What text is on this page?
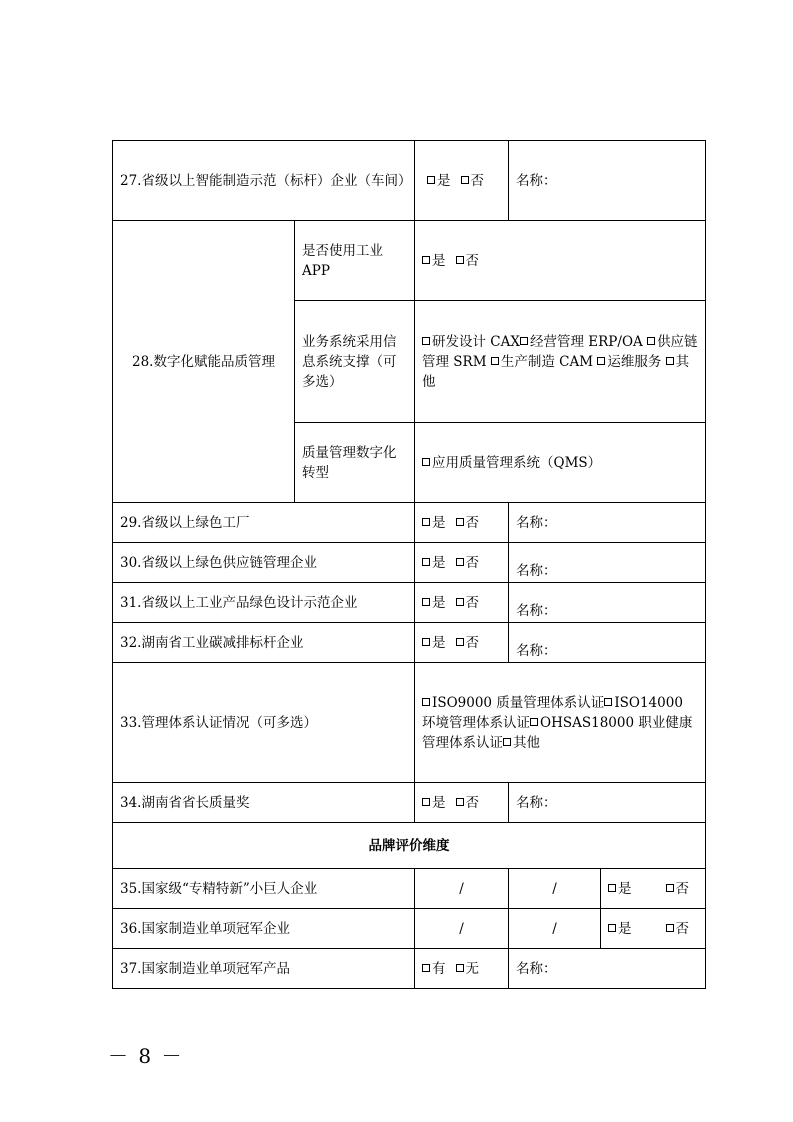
27.省级以上智能制造示范（标杆）企业（车间）		是 否	名称：	
28.数字化赋能品质管理	是否使用工业APP	是 否		
	业务系统采用信息系统支撑（可多选）	研发设计 CAX 经营管理 ERP/OA 供应链管理 SRM 生产制造 CAM 运维服务 其他		
	质量管理数字化转型	应用质量管理系统（QMS）		
29.省级以上绿色工厂		是 否	名称：	
30.省级以上绿色供应链管理企业		是 否	名称：	
31.省级以上工业产品绿色设计示范企业		是 否	名称：	
32.湖南省工业碳减排标杆企业		是 否	名称：	
33.管理体系认证情况（可多选）		ISO9000 质量管理体系认证 ISO14000 环境管理体系认证 OHSAS18000 职业健康管理体系认证 其他		
34.湖南省省长质量奖		是 否	名称：	
品牌评价维度				
35.国家级“专精特新”小巨人企业		/	/	是 否
36.国家制造业单项冠军企业		/	/	是 否
37.国家制造业单项冠军产品		有 无	名称：	
－ 8 －
